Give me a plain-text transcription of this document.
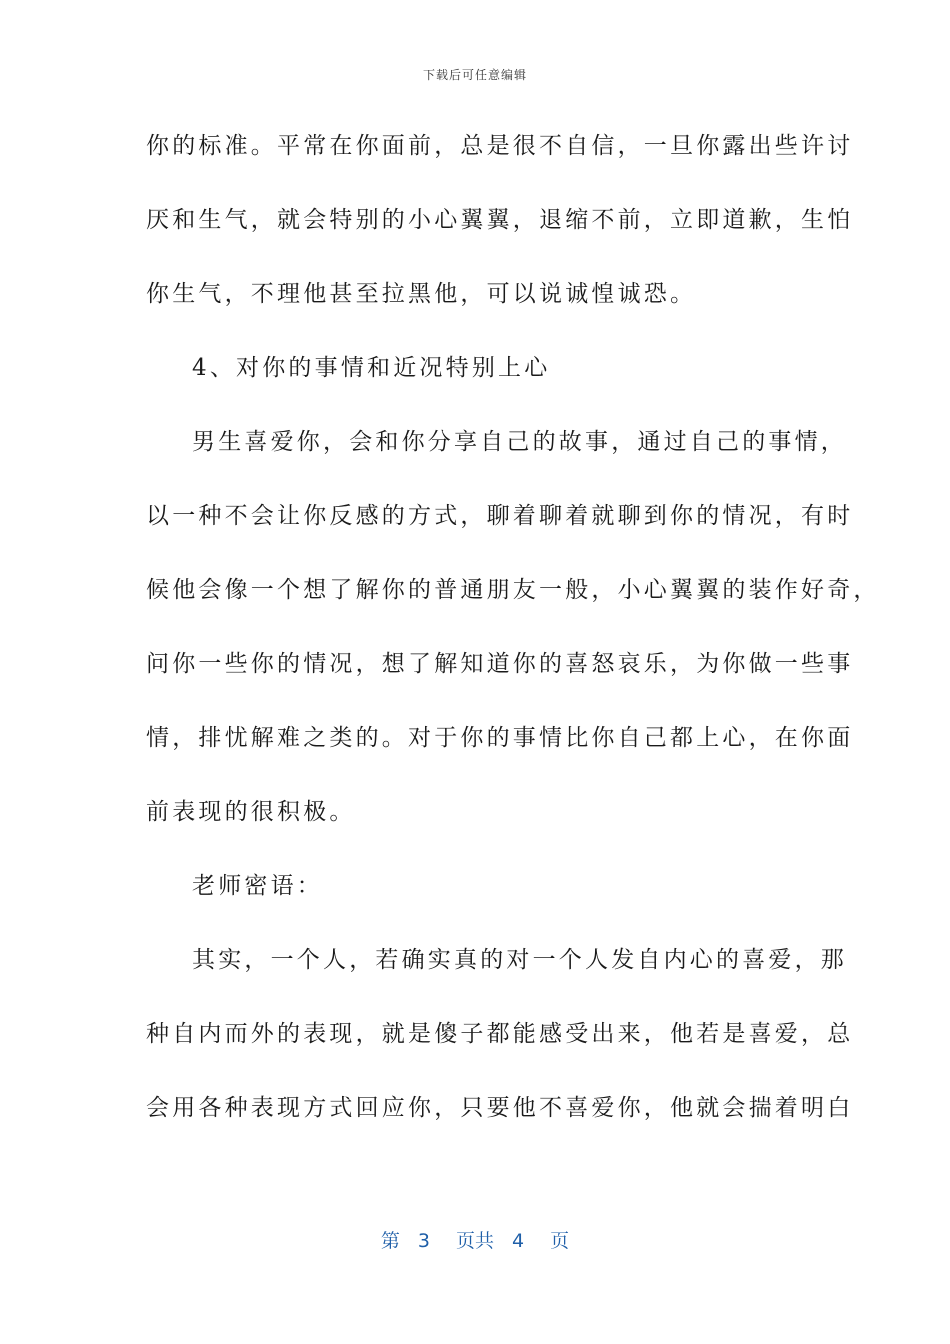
下载后可任意编辑
你的标准。平常在你面前，总是很不自信，一旦你露出些许讨
厌和生气，就会特别的小心翼翼，退缩不前，立即道歉，生怕
你生气，不理他甚至拉黑他，可以说诚惶诚恐。
4、对你的事情和近况特别上心
男生喜爱你，会和你分享自己的故事，通过自己的事情，
以一种不会让你反感的方式，聊着聊着就聊到你的情况，有时
候他会像一个想了解你的普通朋友一般，小心翼翼的装作好奇，
问你一些你的情况，想了解知道你的喜怒哀乐，为你做一些事
情，排忧解难之类的。对于你的事情比你自己都上心，在你面
前表现的很积极。
老师密语：
其实，一个人，若确实真的对一个人发自内心的喜爱，那
种自内而外的表现，就是傻子都能感受出来，他若是喜爱，总
会用各种表现方式回应你，只要他不喜爱你，他就会揣着明白
第 3 页共 4 页
